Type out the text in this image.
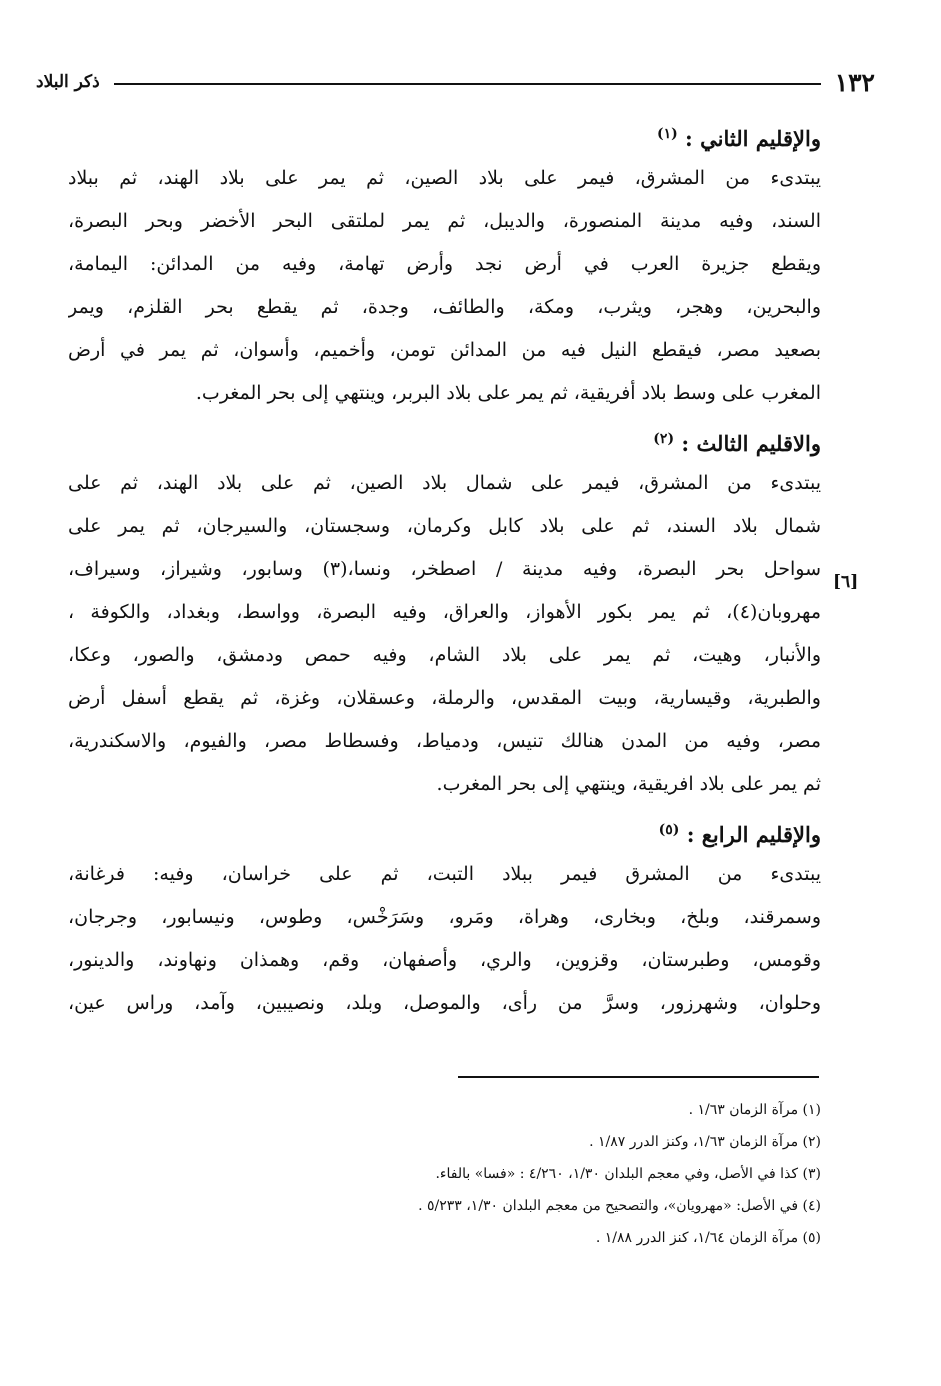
١٣٢
ذكر البلاد
[٦]
والإقليم الثاني : $^{(١)}$

يبتدىء من المشرق، فيمر على بلاد الصين، ثم يمر على بلاد الهند، ثم ببلاد
السند، وفيه مدينة المنصورة، والديبل، ثم يمر لملتقى البحر الأخضر وبحر البصرة،
ويقطع جزيرة العرب في أرض نجد وأرض تهامة، وفيه من المدائن: اليمامة،
والبحرين، وهجر، ويثرب، ومكة، والطائف، وجدة، ثم يقطع بحر القلزم، ويمر
بصعيد مصر، فيقطع النيل فيه من المدائن تومن، وأخميم، وأسوان، ثم يمر في أرض
المغرب على وسط بلاد أفريقية، ثم يمر على بلاد البربر، وينتهي إلى بحر المغرب.

والاقليم الثالث : $^{(٢)}$

يبتدىء من المشرق، فيمر على شمال بلاد الصين، ثم على بلاد الهند، ثم على
شمال بلاد السند، ثم على بلاد كابل وكرمان، وسجستان، والسيرجان، ثم يمر على
سواحل بحر البصرة، وفيه مدينة / اصطخر، ونسا،(٣) وسابور، وشيراز، وسيراف،
مهروبان(٤)، ثم يمر بكور الأهواز، والعراق، وفيه البصرة، وواسط، وبغداد، والكوفة ،
والأنبار، وهيت، ثم يمر على بلاد الشام، وفيه حمص ودمشق، والصور، وعكا،
والطبرية، وقيسارية، وبيت المقدس، والرملة، وعسقلان، وغزة، ثم يقطع أسفل أرض
مصر، وفيه من المدن هنالك تنيس، ودمياط، وفسطاط مصر، والفيوم، والاسكندرية،
ثم يمر على بلاد افريقية، وينتهي إلى بحر المغرب.

والإقليم الرابع : $^{(٥)}$

يبتدىء من المشرق فيمر ببلاد التبت، ثم على خراسان، وفيه: فرغانة،
وسمرقند، وبلخ، وبخارى، وهراة، ومَرو، وسَرَخْس، وطوس، ونيسابور، وجرجان،
وقومس، وطبرستان، وقزوين، والري، وأصفهان، وقم، وهمذان ونهاوند، والدينور،
وحلوان، وشهرزور، وسرَّ من رأى، والموصل، وبلد، ونصيبين، وآمد، وراس عين،

(١) مرآة الزمان ١/٦٣ .
(٢) مرآة الزمان ١/٦٣، وكنز الدرر ١/٨٧ .
(٣) كذا في الأصل، وفي معجم البلدان ١/٣٠، ٤/٢٦٠ : «فسا» بالفاء.
(٤) في الأصل: «مهرويان»، والتصحيح من معجم البلدان ١/٣٠، ٥/٢٣٣ .
(٥) مرآة الزمان ١/٦٤، كنز الدرر ١/٨٨ .
